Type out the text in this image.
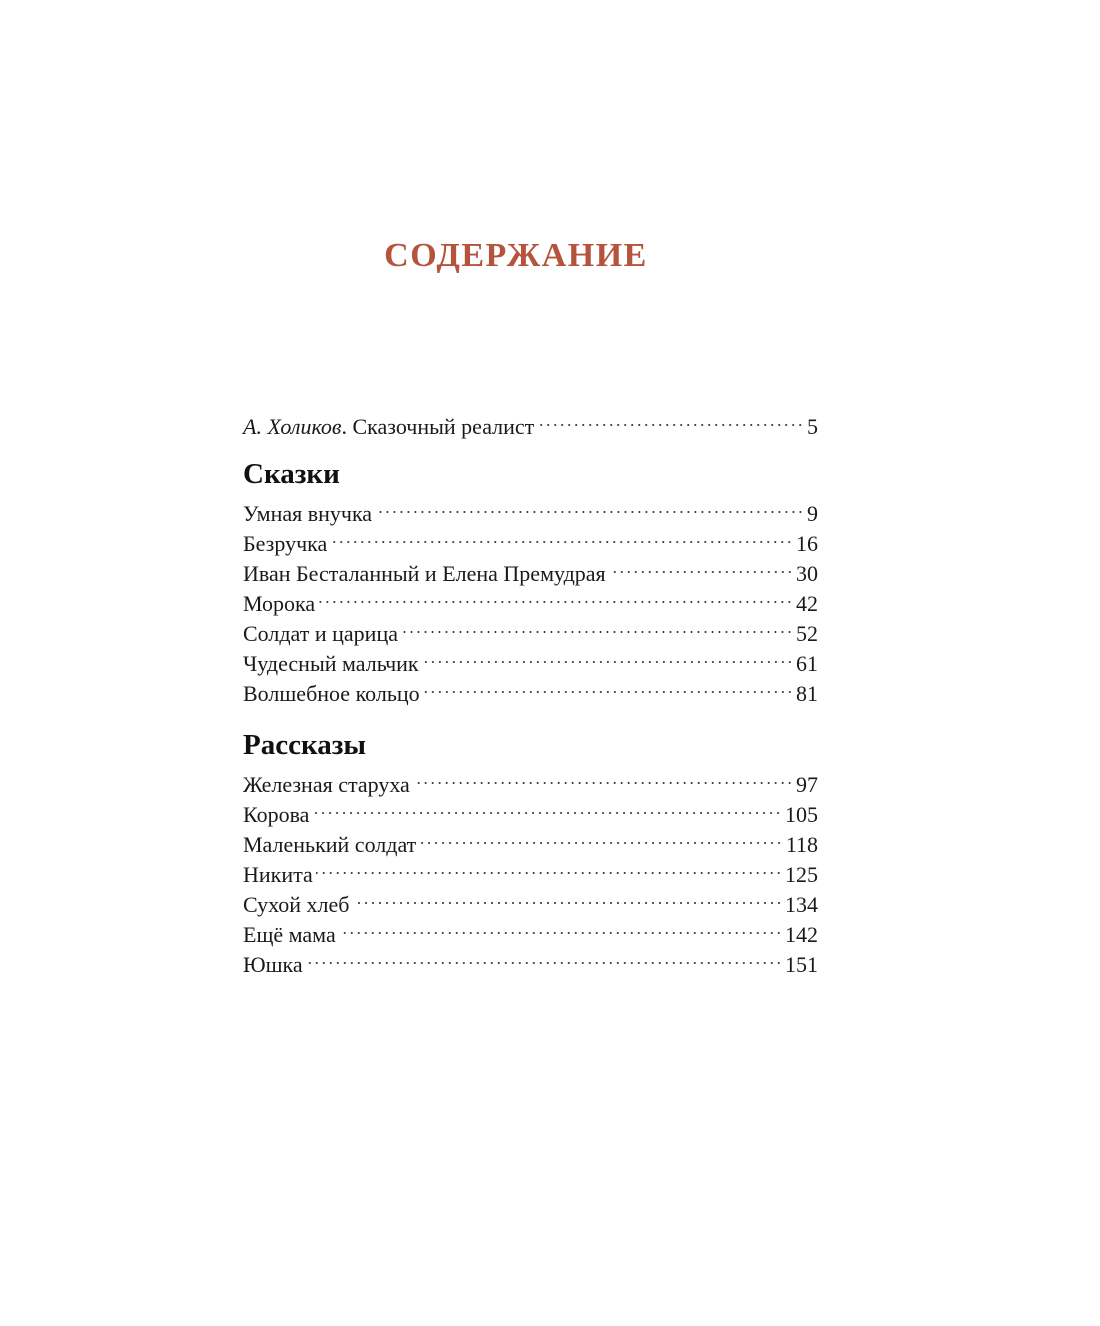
СОДЕРЖАНИЕ
А. Холиков. Сказочный реалист	5
Сказки
Умная внучка	9
Безручка	16
Иван Бесталанный и Елена Премудрая	30
Морока	42
Солдат и царица	52
Чудесный мальчик	61
Волшебное кольцо	81
Рассказы
Железная старуха	97
Корова	105
Маленький солдат	118
Никита	125
Сухой хлеб	134
Ещё мама	142
Юшка	151
